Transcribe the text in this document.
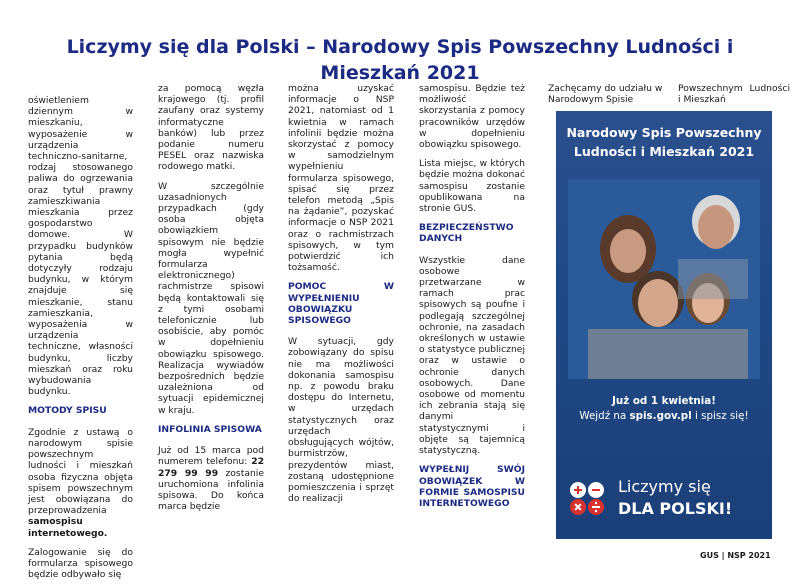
Liczymy się dla Polski – Narodowy Spis Powszechny Ludności i Mieszkań 2021

oświetleniem dziennym w mieszkaniu, wyposażenie w urządzenia techniczno-sanitarne, rodzaj stosowanego paliwa do ogrzewania oraz tytuł prawny zamieszkiwania mieszkania przez gospodarstwo domowe. W przypadku budynków pytania będą dotyczyły rodzaju budynku, w którym znajduje się mieszkanie, stanu zamieszkania, wyposażenia w urządzenia techniczne, własności budynku, liczby mieszkań oraz roku wybudowania budynku.

MOTODY SPISU

Zgodnie z ustawą o narodowym spisie powszechnym ludności i mieszkań osoba fizyczna objęta spisem powszechnym jest obowiązana do przeprowadzenia samospisu internetowego.

Zalogowanie się do formularza spisowego będzie odbywało się

za pomocą węzła krajowego (tj. profil zaufany oraz systemy informatyczne banków) lub przez podanie numeru PESEL oraz nazwiska rodowego matki.

W szczególnie uzasadnionych przypadkach (gdy osoba objęta obowiązkiem spisowym nie będzie mogła wypełnić formularza elektronicznego) rachmistrze spisowi będą kontaktowali się z tymi osobami telefonicznie lub osobiście, aby pomóc w dopełnieniu obowiązku spisowego. Realizacja wywiadów bezpośrednich będzie uzależniona od sytuacji epidemicznej w kraju.

INFOLINIA SPISOWA

Już od 15 marca pod numerem telefonu: 22 279 99 99 zostanie uruchomiona infolinia spisowa. Do końca marca będzie

można uzyskać informacje o NSP 2021, natomiast od 1 kwietnia w ramach infolinii będzie można skorzystać z pomocy w samodzielnym wypełnieniu formularza spisowego, spisać się przez telefon metodą „Spis na żądanie”, pozyskać informacje o NSP 2021 oraz o rachmistrzach spisowych, w tym potwierdzić ich tożsamość.

POMOC W WYPEŁNIENIU OBOWIĄZKU SPISOWEGO

W sytuacji, gdy zobowiązany do spisu nie ma możliwości dokonania samospisu np. z powodu braku dostępu do Internetu, w urzędach statystycznych oraz urzędach obsługujących wójtów, burmistrzów, prezydentów miast, zostaną udostępnione pomieszczenia i sprzęt do realizacji

samospisu. Będzie też możliwość skorzystania z pomocy pracowników urzędów w dopełnieniu obowiązku spisowego.

Lista miejsc, w których będzie można dokonać samospisu zostanie opublikowana na stronie GUS.

BEZPIECZEŃSTWO DANYCH

Wszystkie dane osobowe przetwarzane w ramach prac spisowych są poufne i podlegają szczególnej ochronie, na zasadach określonych w ustawie o statystyce publicznej oraz w ustawie o ochronie danych osobowych. Dane osobowe od momentu ich zebrania stają się danymi statystycznymi i objęte są tajemnicą statystyczną.

WYPEŁNIJ SWÓJ OBOWIĄZEK W FORMIE SAMOSPISU INTERNETOWEGO
Zachęcamy do udziału w Narodowym Spisie
Powszechnym Ludności i Mieszkań
Narodowy Spis Powszechny
Ludności i Mieszkań 2021
Już od 1 kwietnia!
Wejdź na spis.gov.pl i spisz się!
Liczymy się
DLA POLSKI!
GUS | NSP 2021
